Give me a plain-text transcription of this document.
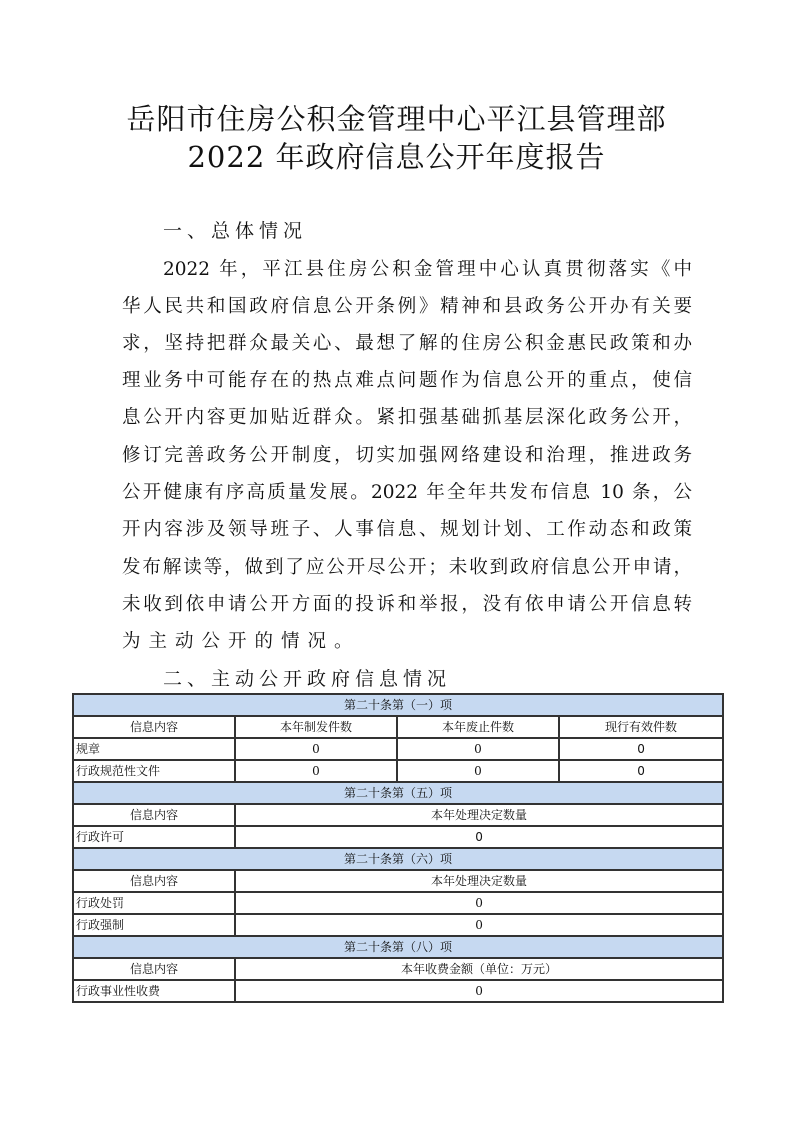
岳阳市住房公积金管理中心平江县管理部
2022 年政府信息公开年度报告
一、总体情况
2022 年，平江县住房公积金管理中心认真贯彻落实《中
华人民共和国政府信息公开条例》精神和县政务公开办有关要
求，坚持把群众最关心、最想了解的住房公积金惠民政策和办
理业务中可能存在的热点难点问题作为信息公开的重点，使信
息公开内容更加贴近群众。紧扣强基础抓基层深化政务公开，
修订完善政务公开制度，切实加强网络建设和治理，推进政务
公开健康有序高质量发展。2022 年全年共发布信息 10 条，公
开内容涉及领导班子、人事信息、规划计划、工作动态和政策
发布解读等，做到了应公开尽公开；未收到政府信息公开申请，
未收到依申请公开方面的投诉和举报，没有依申请公开信息转
为主动公开的情况。
二、主动公开政府信息情况
第二十条第（一）项			
信息内容	本年制发件数	本年废止件数	现行有效件数
规章	0	0	0
行政规范性文件	0	0	0
第二十条第（五）项			
信息内容	本年处理决定数量		
行政许可	0		
第二十条第（六）项			
信息内容	本年处理决定数量		
行政处罚	0		
行政强制	0		
第二十条第（八）项			
信息内容	本年收费金额（单位：万元）		
行政事业性收费	0		
